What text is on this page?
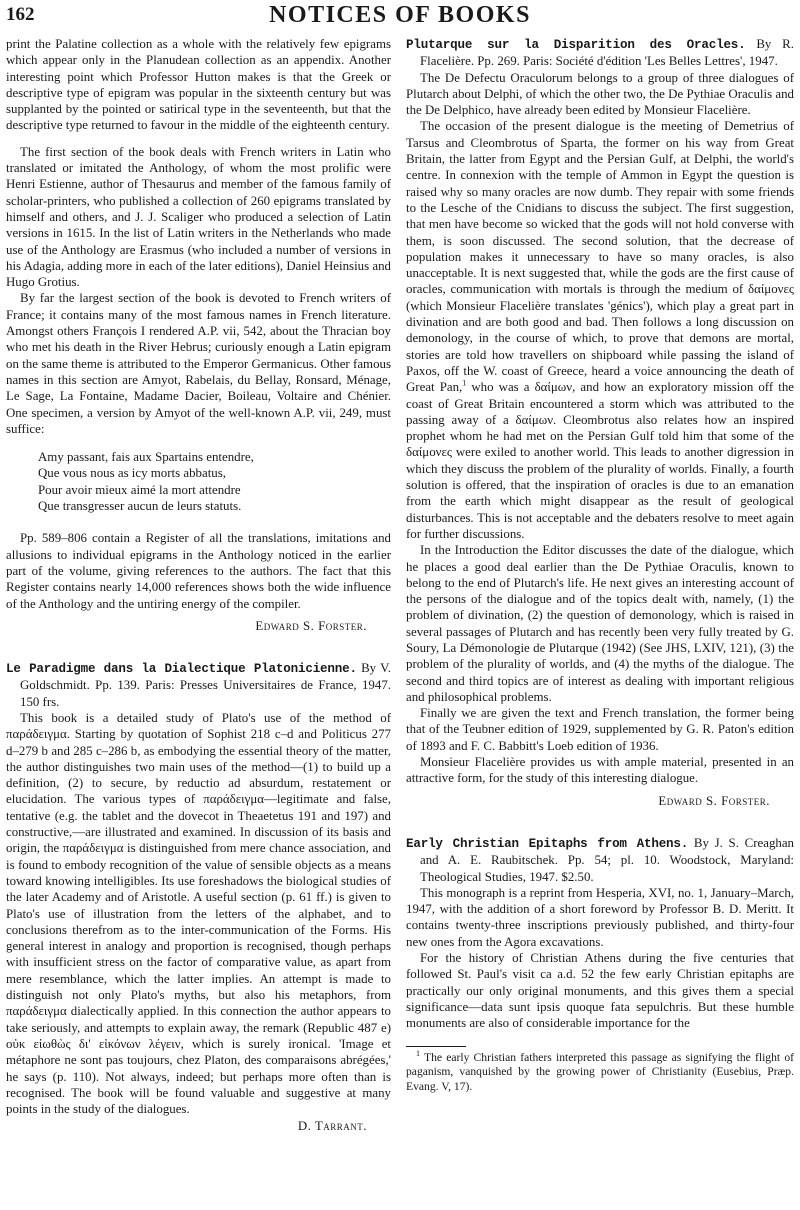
162	NOTICES OF BOOKS

print the Palatine collection as a whole with the relatively few epigrams which appear only in the Planudean collection as an appendix. Another interesting point which Professor Hutton makes is that the Greek or descriptive type of epigram was popular in the sixteenth century but was supplanted by the pointed or satirical type in the seventeenth, but that the descriptive type returned to favour in the middle of the eighteenth century.

The first section of the book deals with French writers in Latin who translated or imitated the Anthology, of whom the most prolific were Henri Estienne, author of Thesaurus and member of the famous family of scholar-printers, who published a collection of 260 epigrams translated by himself and others, and J. J. Scaliger who produced a selection of Latin versions in 1615. In the list of Latin writers in the Netherlands who made use of the Anthology are Erasmus (who included a number of versions in his Adagia, adding more in each of the later editions), Daniel Heinsius and Hugo Grotius.

By far the largest section of the book is devoted to French writers of France; it contains many of the most famous names in French literature. Amongst others François I rendered A.P. vii, 542, about the Thracian boy who met his death in the River Hebrus; curiously enough a Latin epigram on the same theme is attributed to the Emperor Germanicus. Other famous names in this section are Amyot, Rabelais, du Bellay, Ronsard, Ménage, Le Sage, La Fontaine, Madame Dacier, Boileau, Voltaire and Chénier. One specimen, a version by Amyot of the well-known A.P. vii, 249, must suffice:

Amy passant, fais aux Spartains entendre,
Que vous nous as icy morts abbatus,
Pour avoir mieux aimé la mort attendre
Que transgresser aucun de leurs statuts.

Pp. 589–806 contain a Register of all the translations, imitations and allusions to individual epigrams in the Anthology noticed in the earlier part of the volume, giving references to the authors. The fact that this Register contains nearly 14,000 references shows both the wide influence of the Anthology and the untiring energy of the compiler.

Edward S. Forster.

Le Paradigme dans la Dialectique Platonicienne. By V. Goldschmidt. Pp. 139. Paris: Presses Universitaires de France, 1947. 150 frs.

This book is a detailed study of Plato's use of the method of παράδειγμα. Starting by quotation of Sophist 218 c–d and Politicus 277 d–279 b and 285 c–286 b, as embodying the essential theory of the matter, the author distinguishes two main uses of the method—(1) to build up a definition, (2) to secure, by reductio ad absurdum, restatement or elucidation. The various types of παράδειγμα—legitimate and false, tentative (e.g. the tablet and the dovecot in Theaetetus 191 and 197) and constructive,—are illustrated and examined. In discussion of its basis and origin, the παράδειγμα is distinguished from mere chance association, and is found to embody recognition of the value of sensible objects as a means toward knowing intelligibles. Its use foreshadows the biological studies of the later Academy and of Aristotle. A useful section (p. 61 ff.) is given to Plato's use of illustration from the letters of the alphabet, and to conclusions therefrom as to the inter-communication of the Forms. His general interest in analogy and proportion is recognised, though perhaps with insufficient stress on the factor of comparative value, as apart from mere resemblance, which the latter implies. An attempt is made to distinguish not only Plato's myths, but also his metaphors, from παράδειγμα dialectically applied. In this connection the author appears to take seriously, and attempts to explain away, the remark (Republic 487 e) οὐκ εἰωθὼς δι' εἰκόνων λέγειν, which is surely ironical. 'Image et métaphore ne sont pas toujours, chez Platon, des comparaisons abrégées,' he says (p. 110). Not always, indeed; but perhaps more often than is recognised. The book will be found valuable and suggestive at many points in the study of the dialogues.

D. Tarrant.

Plutarque sur la Disparition des Oracles. By R. Flacelière. Pp. 269. Paris: Société d'édition 'Les Belles Lettres', 1947.

The De Defectu Oraculorum belongs to a group of three dialogues of Plutarch about Delphi, of which the other two, the De Pythiae Oraculis and the De Delphico, have already been edited by Monsieur Flacelière.

The occasion of the present dialogue is the meeting of Demetrius of Tarsus and Cleombrotus of Sparta, the former on his way from Great Britain, the latter from Egypt and the Persian Gulf, at Delphi, the world's centre. In connexion with the temple of Ammon in Egypt the question is raised why so many oracles are now dumb. They repair with some friends to the Lesche of the Cnidians to discuss the subject. The first suggestion, that men have become so wicked that the gods will not hold converse with them, is soon discussed. The second solution, that the decrease of population makes it unnecessary to have so many oracles, is also unacceptable. It is next suggested that, while the gods are the first cause of oracles, communication with mortals is through the medium of δαίμονες (which Monsieur Flacelière translates 'génics'), which play a great part in divination and are both good and bad. Then follows a long discussion on demonology, in the course of which, to prove that demons are mortal, stories are told how travellers on shipboard while passing the island of Paxos, off the W. coast of Greece, heard a voice announcing the death of Great Pan,$^1$ who was a δαίμων, and how an exploratory mission off the coast of Great Britain encountered a storm which was attributed to the passing away of a δαίμων. Cleombrotus also relates how an inspired prophet whom he had met on the Persian Gulf told him that some of the δαίμονες were exiled to another world. This leads to another digression in which they discuss the problem of the plurality of worlds. Finally, a fourth solution is offered, that the inspiration of oracles is due to an emanation from the earth which might disappear as the result of geological disturbances. This is not acceptable and the debaters resolve to meet again for further discussions.

In the Introduction the Editor discusses the date of the dialogue, which he places a good deal earlier than the De Pythiae Oraculis, known to belong to the end of Plutarch's life. He next gives an interesting account of the persons of the dialogue and of the topics dealt with, namely, (1) the problem of divination, (2) the question of demonology, which is raised in several passages of Plutarch and has recently been very fully treated by G. Soury, La Démonologie de Plutarque (1942) (See JHS, LXIV, 121), (3) the problem of the plurality of worlds, and (4) the myths of the dialogue. The second and third topics are of interest as dealing with important religious and philosophical problems.

Finally we are given the text and French translation, the former being that of the Teubner edition of 1929, supplemented by G. R. Paton's edition of 1893 and F. C. Babbitt's Loeb edition of 1936.

Monsieur Flacelière provides us with ample material, presented in an attractive form, for the study of this interesting dialogue.

Edward S. Forster.

Early Christian Epitaphs from Athens. By J. S. Creaghan and A. E. Raubitschek. Pp. 54; pl. 10. Woodstock, Maryland: Theological Studies, 1947. $2.50.

This monograph is a reprint from Hesperia, XVI, no. 1, January–March, 1947, with the addition of a short foreword by Professor B. D. Meritt. It contains twenty-three inscriptions previously published, and thirty-four new ones from the Agora excavations.

For the history of Christian Athens during the five centuries that followed St. Paul's visit ca a.d. 52 the few early Christian epitaphs are practically our only original monuments, and this gives them a special significance—data sunt ipsis quoque fata sepulchris. But these humble monuments are also of considerable importance for the

$^1$ The early Christian fathers interpreted this passage as signifying the flight of paganism, vanquished by the growing power of Christianity (Eusebius, Præp. Evang. V, 17).
